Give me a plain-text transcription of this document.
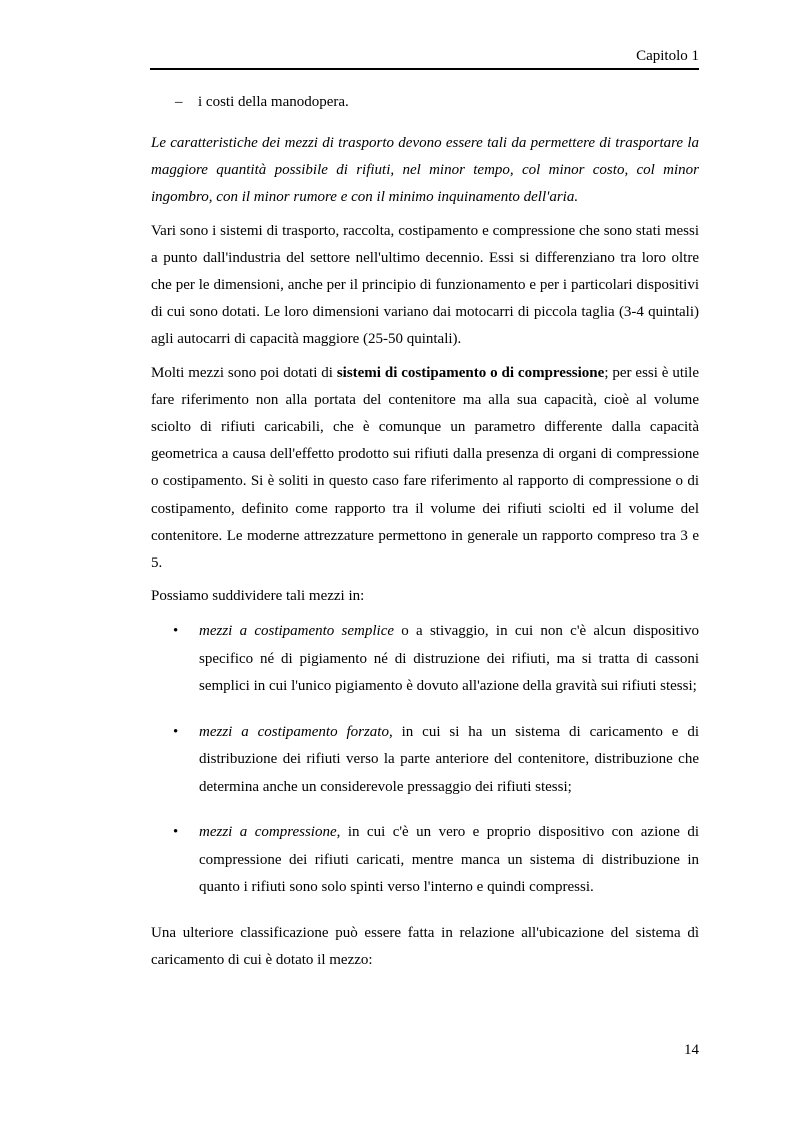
Capitolo 1
– i costi della manodopera.

Le caratteristiche dei mezzi di trasporto devono essere tali da permettere di trasportare la maggiore quantità possibile di rifiuti, nel minor tempo, col minor costo, col minor ingombro, con il minor rumore e con il minimo inquinamento dell'aria.

Vari sono i sistemi di trasporto, raccolta, costipamento e compressione che sono stati messi a punto dall'industria del settore nell'ultimo decennio. Essi si differenziano tra loro oltre che per le dimensioni, anche per il principio di funzionamento e per i particolari dispositivi di cui sono dotati. Le loro dimensioni variano dai motocarri di piccola taglia (3-4 quintali) agli autocarri di capacità maggiore (25-50 quintali).

Molti mezzi sono poi dotati di sistemi di costipamento o di compressione; per essi è utile fare riferimento non alla portata del contenitore ma alla sua capacità, cioè al volume sciolto di rifiuti caricabili, che è comunque un parametro differente dalla capacità geometrica a causa dell'effetto prodotto sui rifiuti dalla presenza di organi di compressione o costipamento. Si è soliti in questo caso fare riferimento al rapporto di compressione o di costipamento, definito come rapporto tra il volume dei rifiuti sciolti ed il volume del contenitore. Le moderne attrezzature permettono in generale un rapporto compreso tra 3 e 5.

Possiamo suddividere tali mezzi in:

• mezzi a costipamento semplice o a stivaggio, in cui non c'è alcun dispositivo specifico né di pigiamento né di distruzione dei rifiuti, ma si tratta di cassoni semplici in cui l'unico pigiamento è dovuto all'azione della gravità sui rifiuti stessi;
• mezzi a costipamento forzato, in cui si ha un sistema di caricamento e di distribuzione dei rifiuti verso la parte anteriore del contenitore, distribuzione che determina anche un considerevole pressaggio dei rifiuti stessi;
• mezzi a compressione, in cui c'è un vero e proprio dispositivo con azione di compressione dei rifiuti caricati, mentre manca un sistema di distribuzione in quanto i rifiuti sono solo spinti verso l'interno e quindi compressi.

Una ulteriore classificazione può essere fatta in relazione all'ubicazione del sistema dì caricamento di cui è dotato il mezzo:

14
